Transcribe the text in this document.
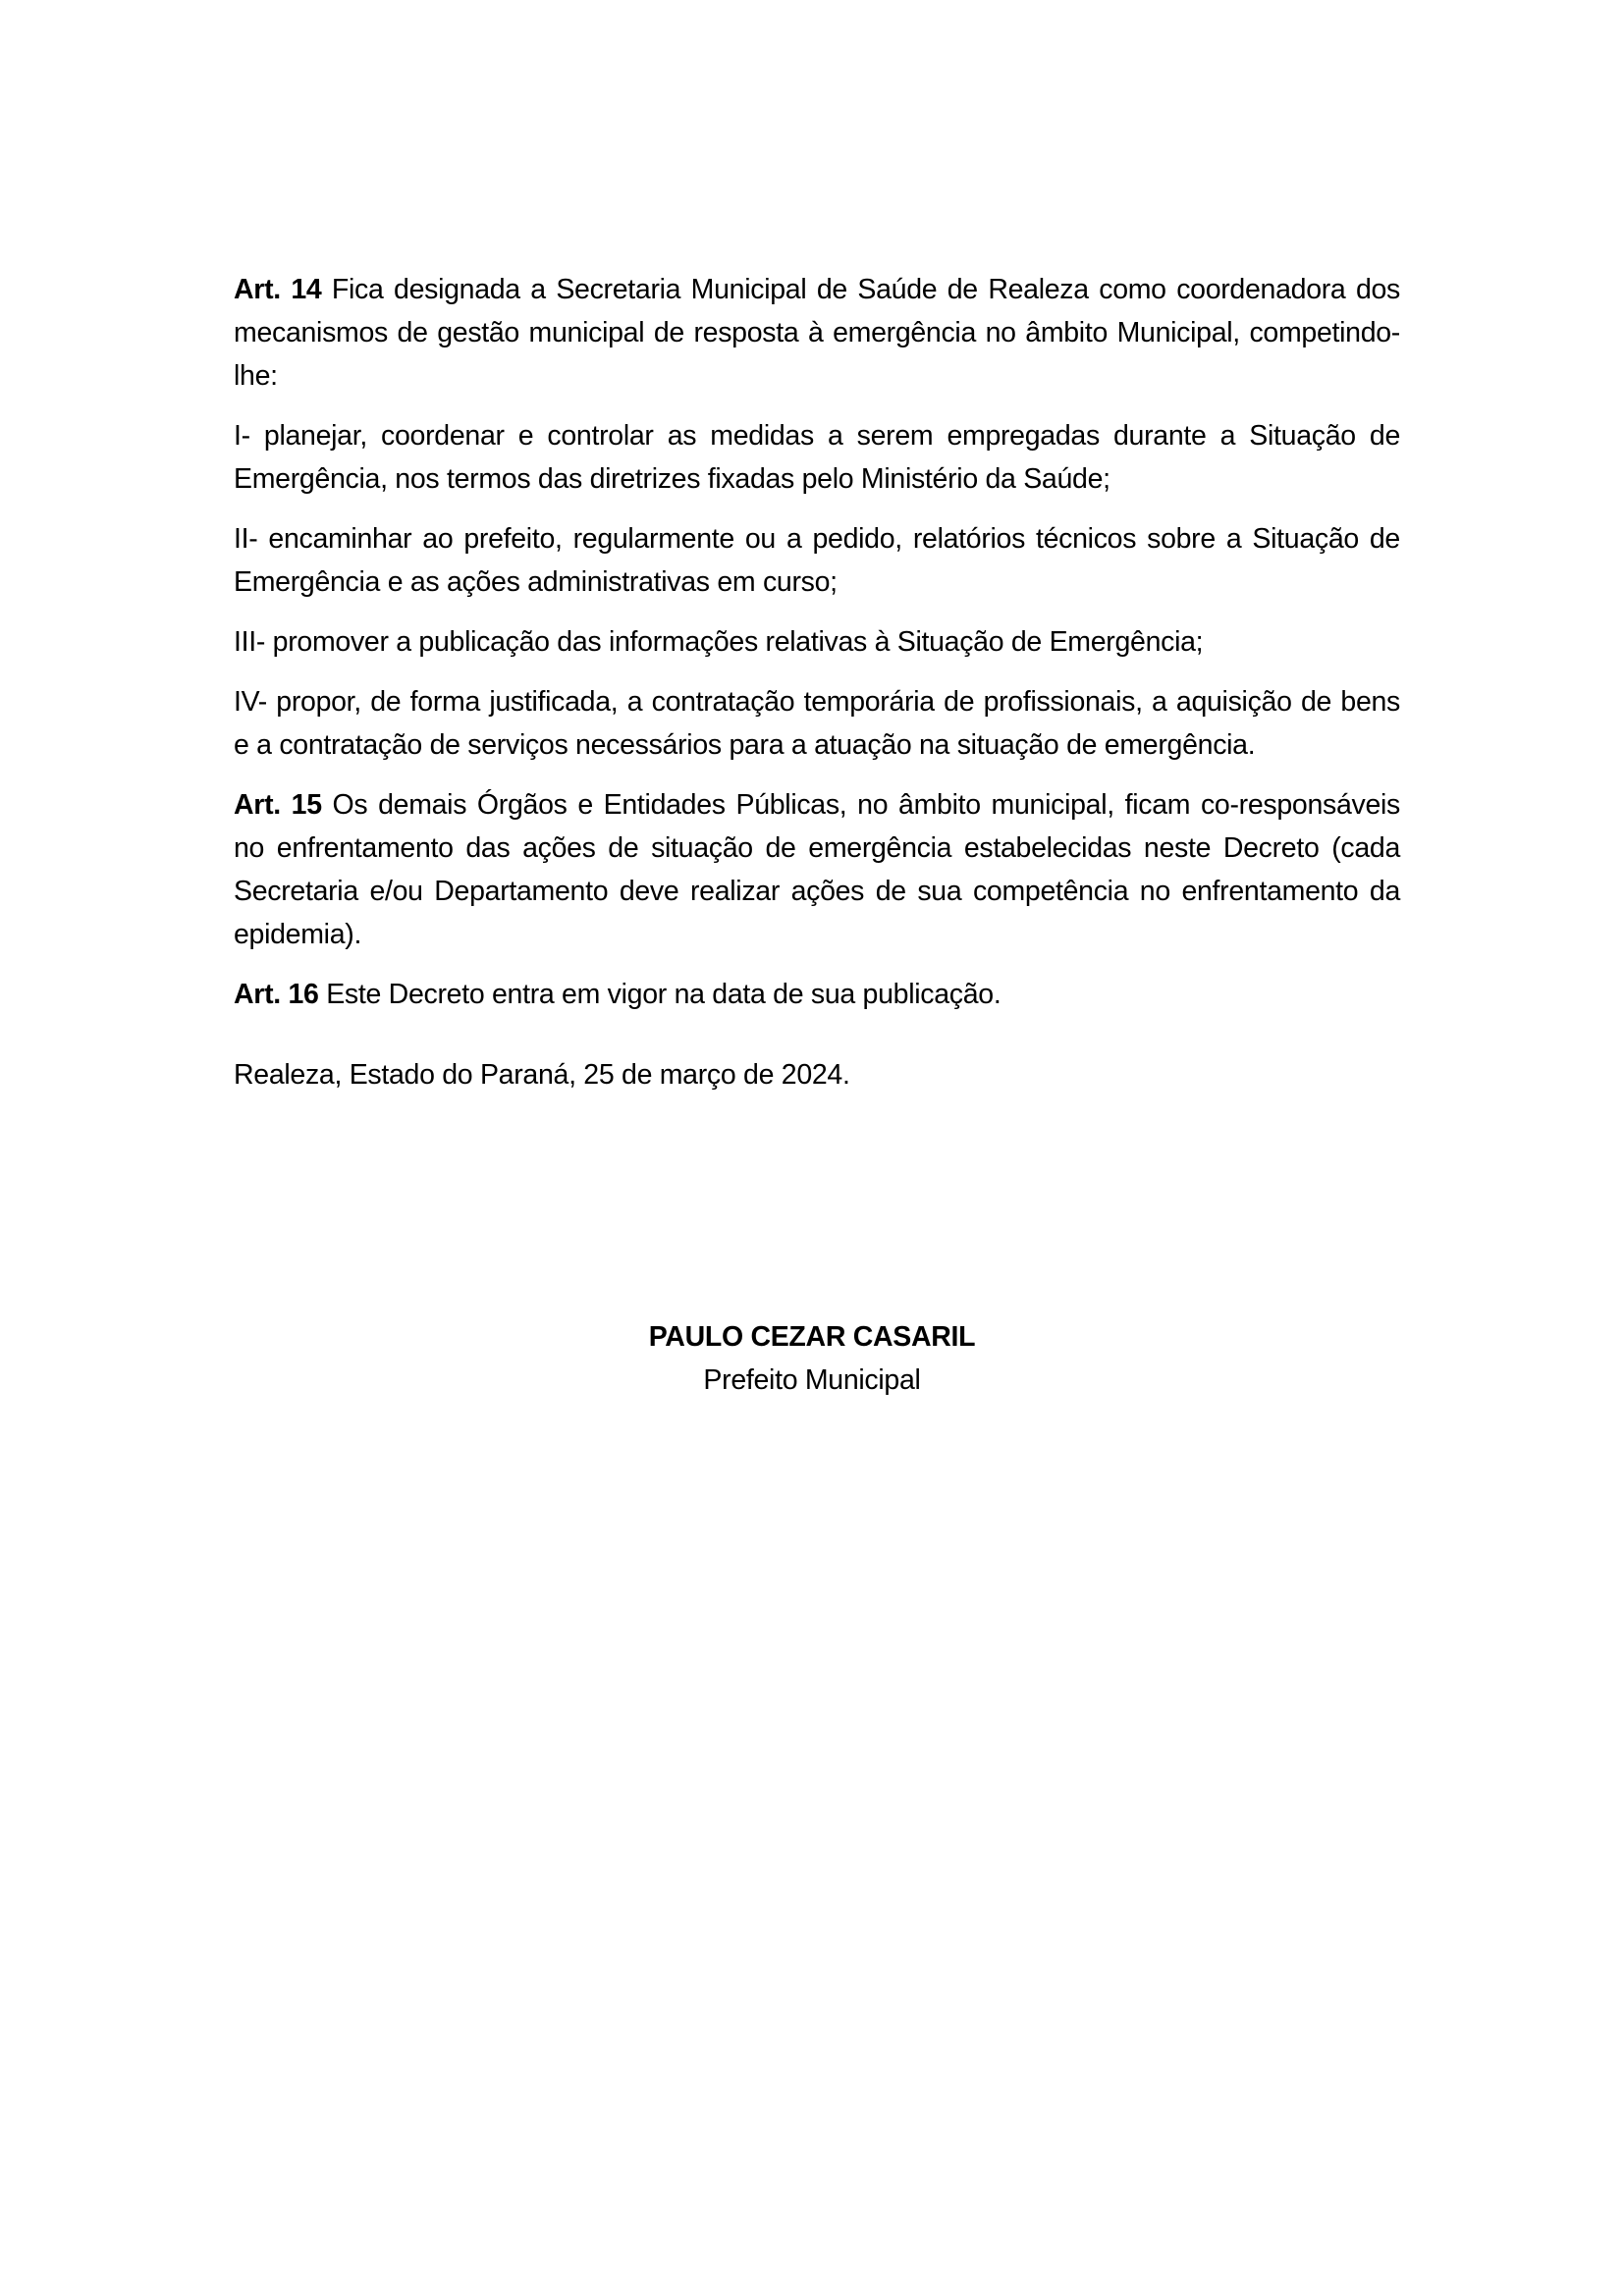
Art. 14 Fica designada a Secretaria Municipal de Saúde de Realeza como coordenadora dos mecanismos de gestão municipal de resposta à emergência no âmbito Municipal, competindo-lhe:

I- planejar, coordenar e controlar as medidas a serem empregadas durante a Situação de Emergência, nos termos das diretrizes fixadas pelo Ministério da Saúde;

II- encaminhar ao prefeito, regularmente ou a pedido, relatórios técnicos sobre a Situação de Emergência e as ações administrativas em curso;

III- promover a publicação das informações relativas à Situação de Emergência;

IV- propor, de forma justificada, a contratação temporária de profissionais, a aquisição de bens e a contratação de serviços necessários para a atuação na situação de emergência.

Art. 15 Os demais Órgãos e Entidades Públicas, no âmbito municipal, ficam co-responsáveis no enfrentamento das ações de situação de emergência estabelecidas neste Decreto (cada Secretaria e/ou Departamento deve realizar ações de sua competência no enfrentamento da epidemia).

Art. 16 Este Decreto entra em vigor na data de sua publicação.

Realeza, Estado do Paraná, 25 de março de 2024.

PAULO CEZAR CASARIL
Prefeito Municipal
